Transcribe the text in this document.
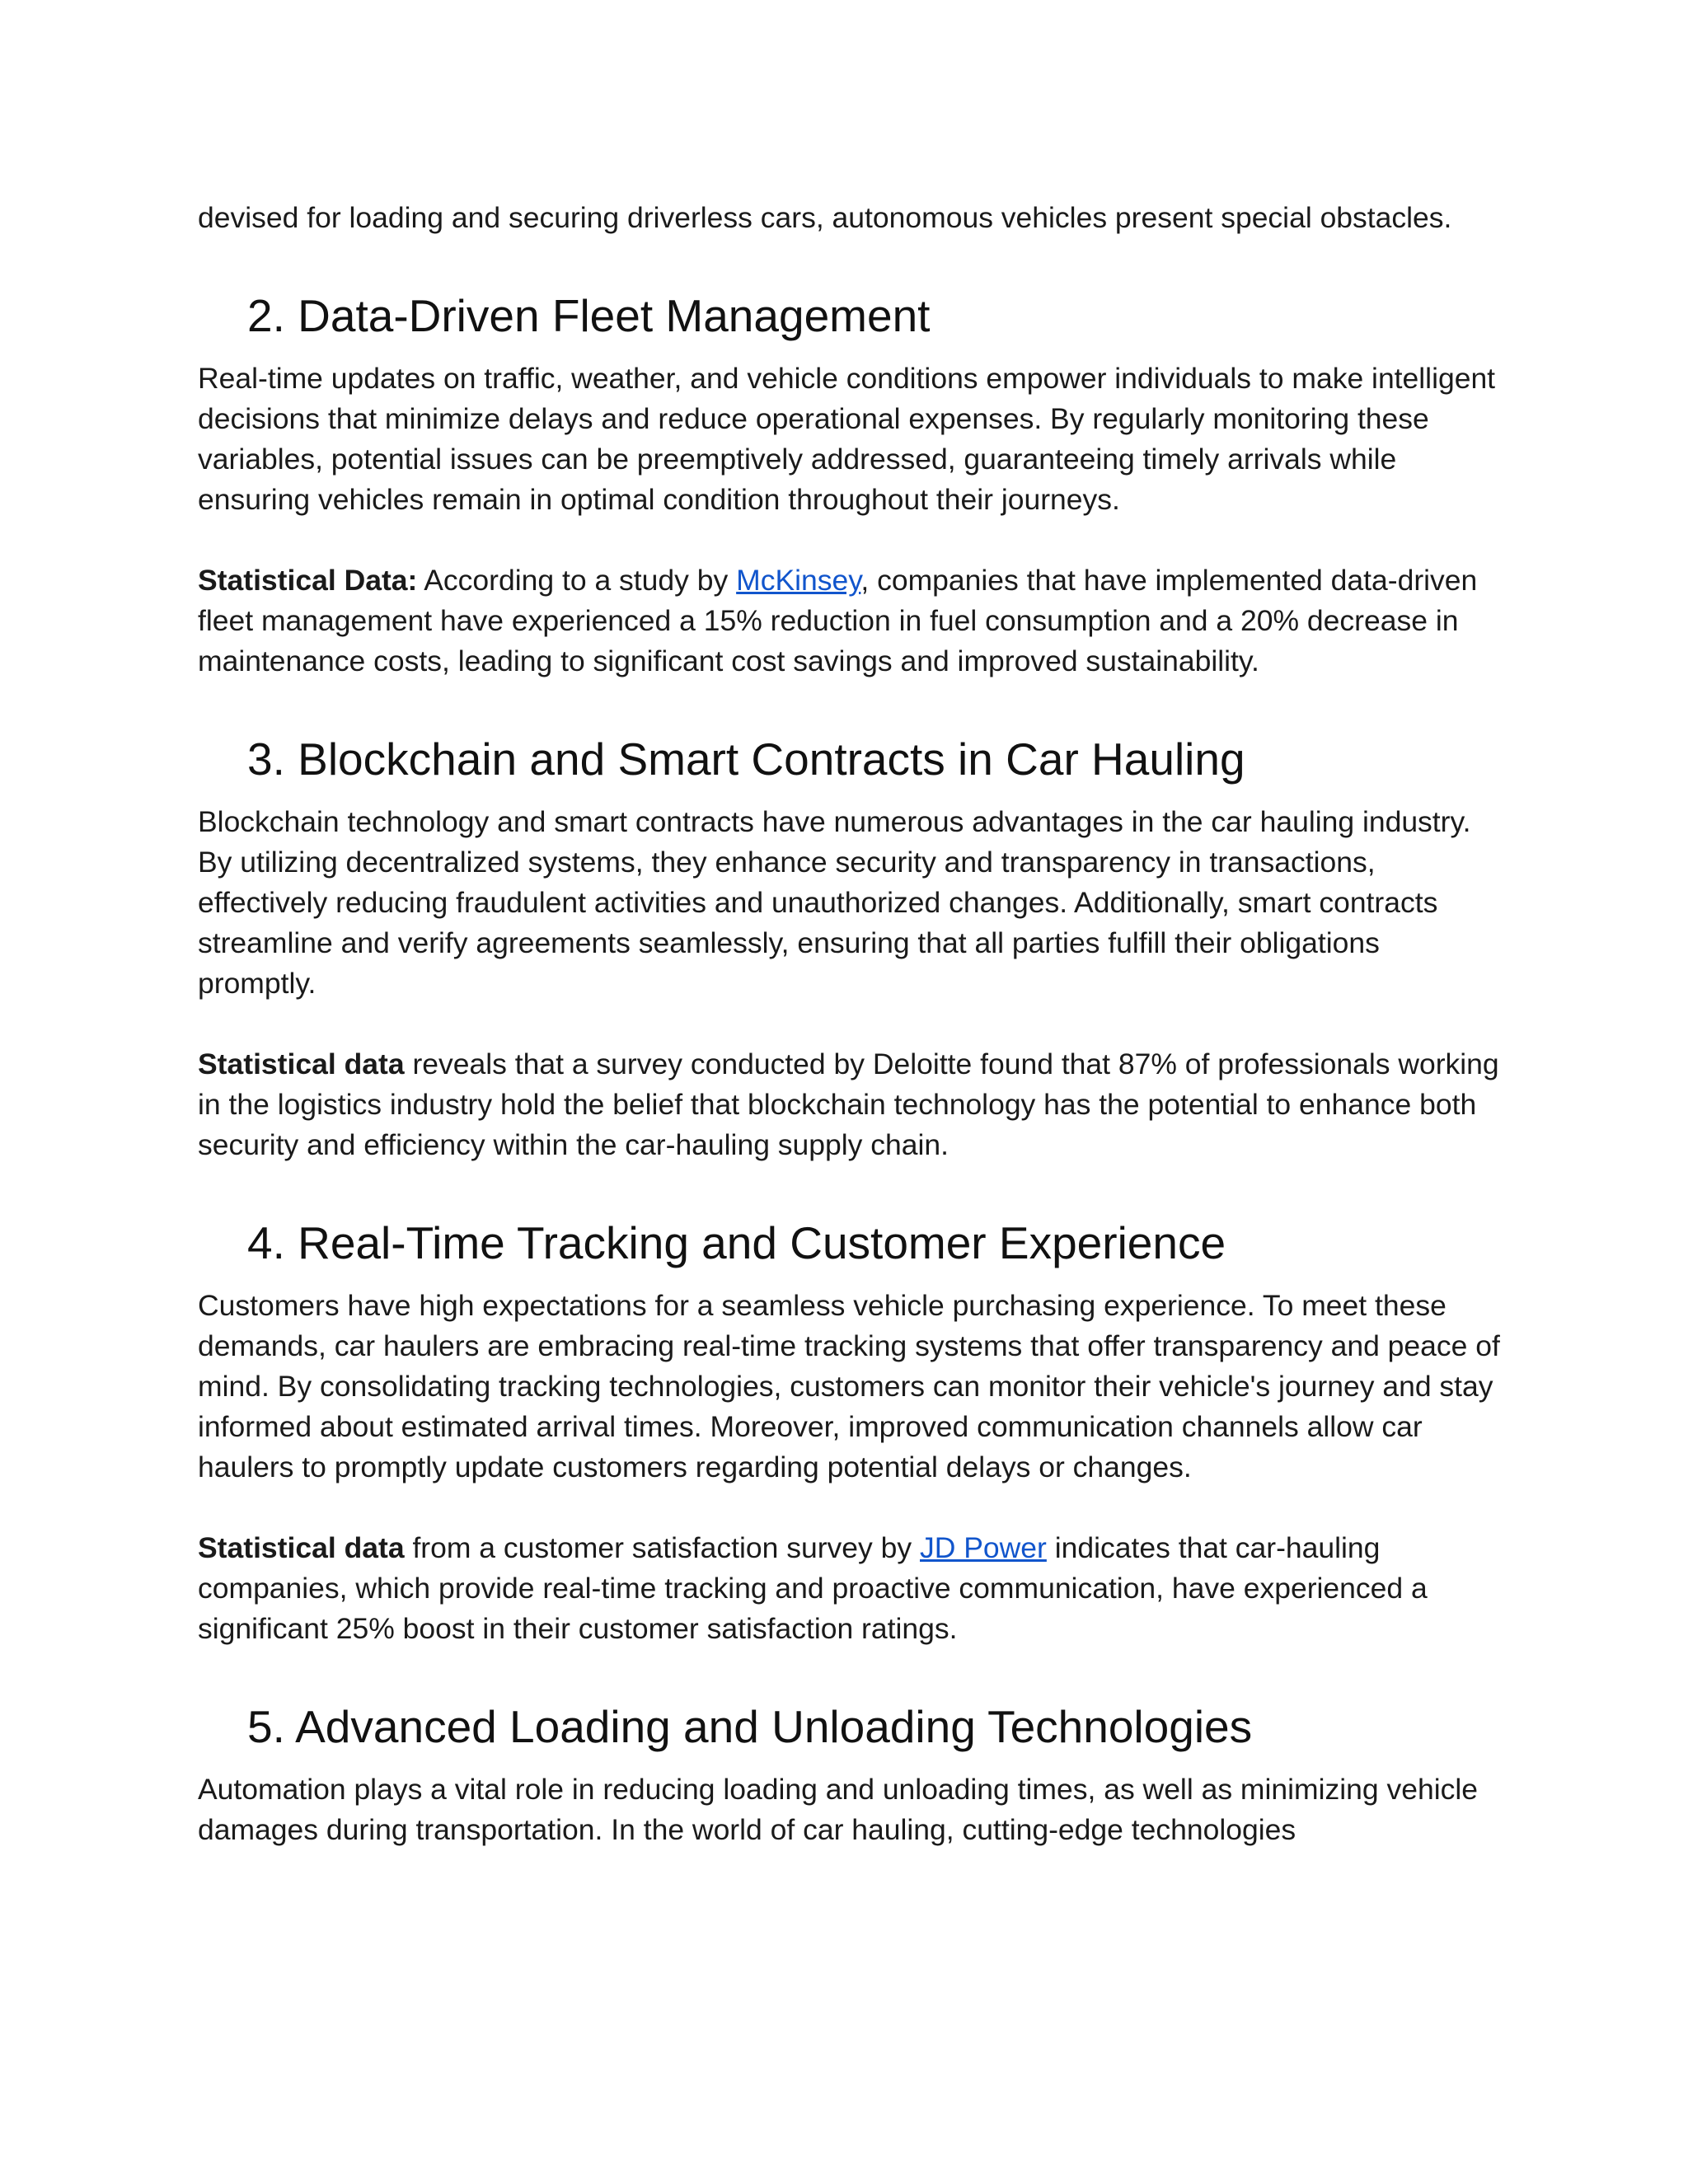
devised for loading and securing driverless cars, autonomous vehicles present special obstacles.

2. Data-Driven Fleet Management

Real-time updates on traffic, weather, and vehicle conditions empower individuals to make intelligent decisions that minimize delays and reduce operational expenses. By regularly monitoring these variables, potential issues can be preemptively addressed, guaranteeing timely arrivals while ensuring vehicles remain in optimal condition throughout their journeys.

Statistical Data: According to a study by McKinsey, companies that have implemented data-driven fleet management have experienced a 15% reduction in fuel consumption and a 20% decrease in maintenance costs, leading to significant cost savings and improved sustainability.

3. Blockchain and Smart Contracts in Car Hauling

Blockchain technology and smart contracts have numerous advantages in the car hauling industry. By utilizing decentralized systems, they enhance security and transparency in transactions, effectively reducing fraudulent activities and unauthorized changes. Additionally, smart contracts streamline and verify agreements seamlessly, ensuring that all parties fulfill their obligations promptly.

Statistical data reveals that a survey conducted by Deloitte found that 87% of professionals working in the logistics industry hold the belief that blockchain technology has the potential to enhance both security and efficiency within the car-hauling supply chain.

4. Real-Time Tracking and Customer Experience

Customers have high expectations for a seamless vehicle purchasing experience. To meet these demands, car haulers are embracing real-time tracking systems that offer transparency and peace of mind. By consolidating tracking technologies, customers can monitor their vehicle's journey and stay informed about estimated arrival times. Moreover, improved communication channels allow car haulers to promptly update customers regarding potential delays or changes.

Statistical data from a customer satisfaction survey by JD Power indicates that car-hauling companies, which provide real-time tracking and proactive communication, have experienced a significant 25% boost in their customer satisfaction ratings.

5. Advanced Loading and Unloading Technologies

Automation plays a vital role in reducing loading and unloading times, as well as minimizing vehicle damages during transportation. In the world of car hauling, cutting-edge technologies
